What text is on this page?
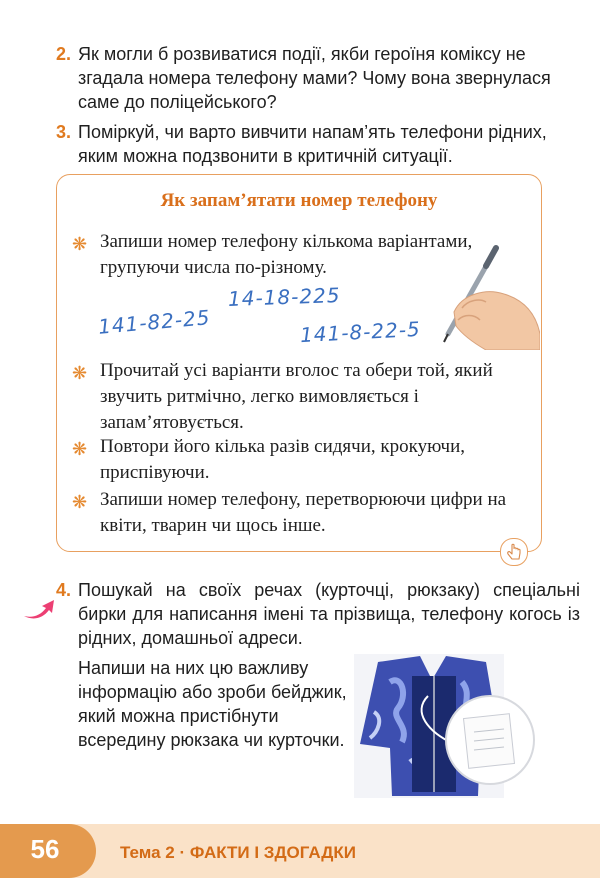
2. Як могли б розвиватися події, якби героїня коміксу не згадала номера телефону мами? Чому вона звернулася саме до поліцейського?
3. Поміркуй, чи варто вивчити напам’ять телефони рідних, яким можна подзвонити в критичній ситуації.
Як запам’ятати номер телефону
❋ Запиши номер телефону кількома варіантами, групуючи числа по-різному.
141-82-25
14-18-225
141-8-22-5
❋ Прочитай усі варіанти вголос та обери той, який звучить ритмічно, легко вимовляється і запам’ятовується.
❋ Повтори його кілька разів сидячи, крокуючи, приспівуючи.
❋ Запиши номер телефону, перетворюючи цифри на квіти, тварин чи щось інше.
4. Пошукай на своїх речах (курточці, рюкзаку) спеціальні бирки для написання імені та прізвища, телефону когось із рідних, домашньої адреси.
Напиши на них цю важливу інформацію або зроби бейджик, який можна пристібнути всередину рюкзака чи курточки.
56	Тема 2 · ФАКТИ І ЗДОГАДКИ
